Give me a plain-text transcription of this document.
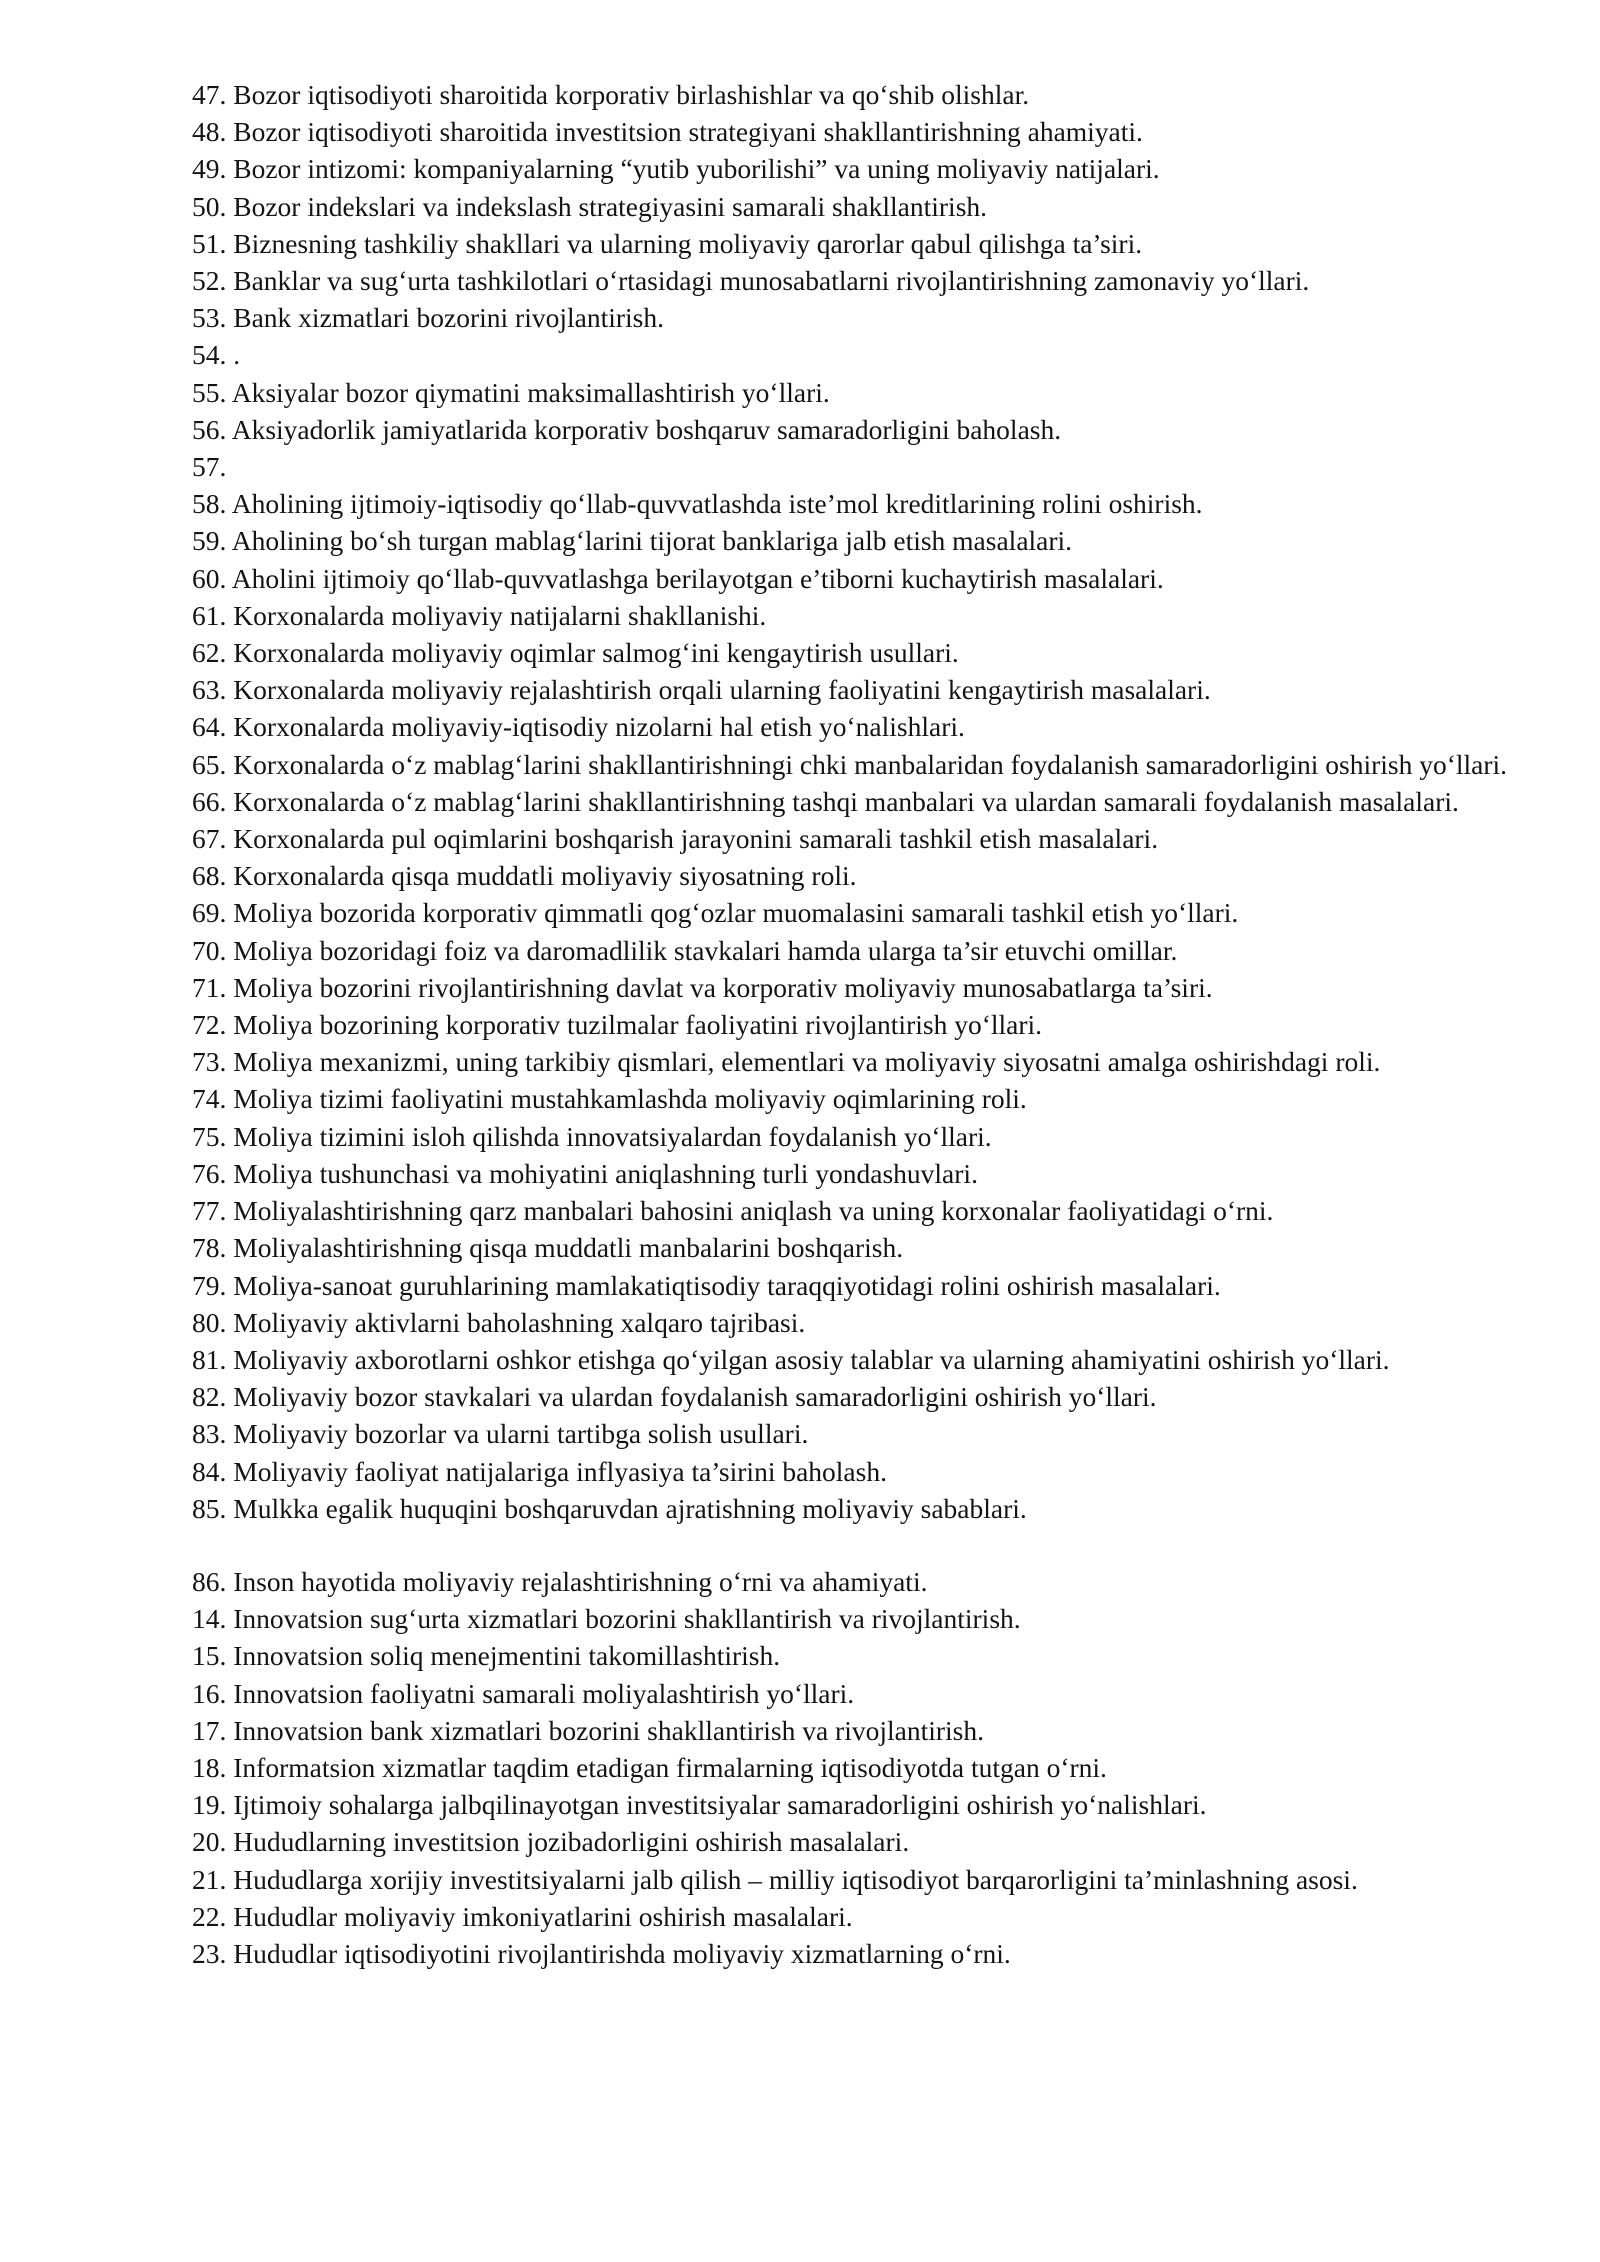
47. Bozor iqtisodiyoti sharoitida korporativ birlashishlar va qo‘shib olishlar.

48. Bozor iqtisodiyoti sharoitida investitsion strategiyani shakllantirishning ahamiyati.

49. Bozor intizomi: kompaniyalarning “yutib yuborilishi” va uning moliyaviy natijalari.

50. Bozor indekslari va indekslash strategiyasini samarali shakllantirish.

51. Biznesning tashkiliy shakllari va ularning moliyaviy qarorlar qabul qilishga ta’siri.

52. Banklar va sug‘urta tashkilotlari o‘rtasidagi munosabatlarni rivojlantirishning zamonaviy yo‘llari.

53. Bank xizmatlari bozorini rivojlantirish.

54. .

55. Aksiyalar bozor qiymatini maksimallashtirish yo‘llari.

56. Aksiyadorlik jamiyatlarida korporativ boshqaruv samaradorligini baholash.

57.

58. Aholining ijtimoiy-iqtisodiy qo‘llab-quvvatlashda iste’mol kreditlarining rolini oshirish.

59. Aholining bo‘sh turgan mablag‘larini tijorat banklariga jalb etish masalalari.

60. Aholini ijtimoiy qo‘llab-quvvatlashga berilayotgan e’tiborni kuchaytirish masalalari.

61. Korxonalarda moliyaviy natijalarni shakllanishi.

62. Korxonalarda moliyaviy oqimlar salmog‘ini kengaytirish usullari.

63. Korxonalarda moliyaviy rejalashtirish orqali ularning faoliyatini kengaytirish masalalari.

64. Korxonalarda moliyaviy-iqtisodiy nizolarni hal etish yo‘nalishlari.

65. Korxonalarda o‘z mablag‘larini shakllantirishningi chki manbalaridan foydalanish samaradorligini oshirish yo‘llari.

66. Korxonalarda o‘z mablag‘larini shakllantirishning tashqi manbalari va ulardan samarali foydalanish masalalari.

67. Korxonalarda pul oqimlarini boshqarish jarayonini samarali tashkil etish masalalari.

68. Korxonalarda qisqa muddatli moliyaviy siyosatning roli.

69. Moliya bozorida korporativ qimmatli qog‘ozlar muomalasini samarali tashkil etish yo‘llari.

70. Moliya bozoridagi foiz va daromadlilik stavkalari hamda ularga ta’sir etuvchi omillar.

71. Moliya bozorini rivojlantirishning davlat va korporativ moliyaviy munosabatlarga ta’siri.

72. Moliya bozorining korporativ tuzilmalar faoliyatini rivojlantirish yo‘llari.

73. Moliya mexanizmi, uning tarkibiy qismlari, elementlari va moliyaviy siyosatni amalga oshirishdagi roli.

74. Moliya tizimi faoliyatini mustahkamlashda moliyaviy oqimlarining roli.

75. Moliya tizimini isloh qilishda innovatsiyalardan foydalanish yo‘llari.

76. Moliya tushunchasi va mohiyatini aniqlashning turli yondashuvlari.

77. Moliyalashtirishning qarz manbalari bahosini aniqlash va uning korxonalar faoliyatidagi o‘rni.

78. Moliyalashtirishning qisqa muddatli manbalarini boshqarish.

79. Moliya-sanoat guruhlarining mamlakatiqtisodiy taraqqiyotidagi rolini oshirish masalalari.

80. Moliyaviy aktivlarni baholashning xalqaro tajribasi.

81. Moliyaviy axborotlarni oshkor etishga qo‘yilgan asosiy talablar va ularning ahamiyatini oshirish yo‘llari.

82. Moliyaviy bozor stavkalari va ulardan foydalanish samaradorligini oshirish yo‘llari.

83. Moliyaviy bozorlar va ularni tartibga solish usullari.

84. Moliyaviy faoliyat natijalariga inflyasiya ta’sirini baholash.

85. Mulkka egalik huquqini boshqaruvdan ajratishning moliyaviy sabablari.

86. Inson hayotida moliyaviy rejalashtirishning o‘rni va ahamiyati.

14. Innovatsion sug‘urta xizmatlari bozorini shakllantirish va rivojlantirish.

15. Innovatsion soliq menejmentini takomillashtirish.

16. Innovatsion faoliyatni samarali moliyalashtirish yo‘llari.

17. Innovatsion bank xizmatlari bozorini shakllantirish va rivojlantirish.

18. Informatsion xizmatlar taqdim etadigan firmalarning iqtisodiyotda tutgan o‘rni.

19. Ijtimoiy sohalarga jalbqilinayotgan investitsiyalar samaradorligini oshirish yo‘nalishlari.

20. Hududlarning investitsion jozibadorligini oshirish masalalari.

21. Hududlarga xorijiy investitsiyalarni jalb qilish – milliy iqtisodiyot barqarorligini ta’minlashning asosi.

22. Hududlar moliyaviy imkoniyatlarini oshirish masalalari.

23. Hududlar iqtisodiyotini rivojlantirishda moliyaviy xizmatlarning o‘rni.
